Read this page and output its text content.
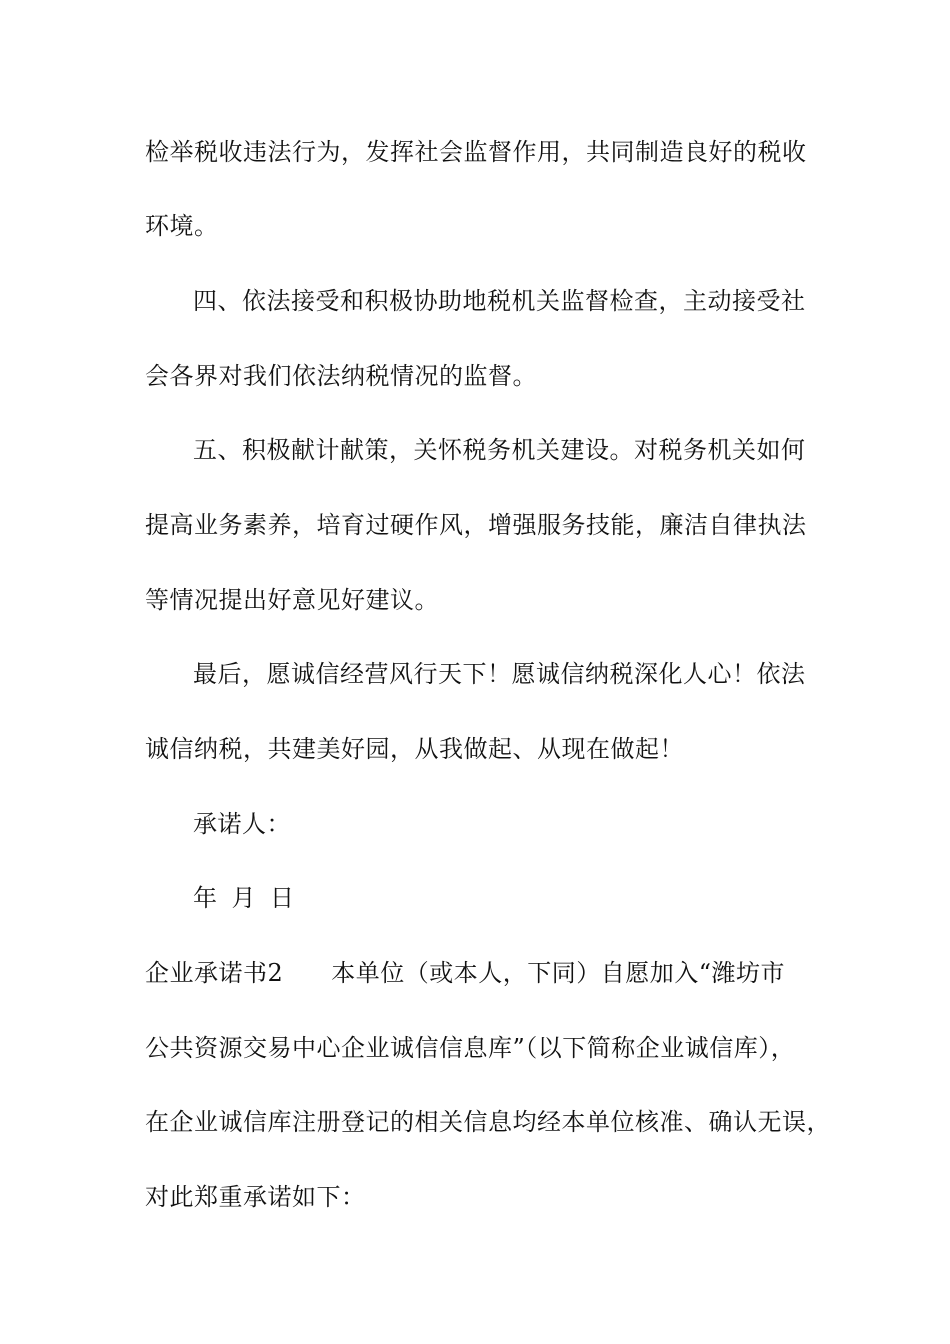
检举税收违法行为，发挥社会监督作用，共同制造良好的税收
环境。
四、依法接受和积极协助地税机关监督检查，主动接受社
会各界对我们依法纳税情况的监督。
五、积极献计献策，关怀税务机关建设。对税务机关如何
提高业务素养，培育过硬作风，增强服务技能，廉洁自律执法
等情况提出好意见好建议。
最后，愿诚信经营风行天下！愿诚信纳税深化人心！依法
诚信纳税，共建美好园，从我做起、从现在做起！
承诺人：
年 月 日
企业承诺书2 本单位（或本人，下同）自愿加入“潍坊市
公共资源交易中心企业诚信信息库”（以下简称企业诚信库），
在企业诚信库注册登记的相关信息均经本单位核准、确认无误，
对此郑重承诺如下：
